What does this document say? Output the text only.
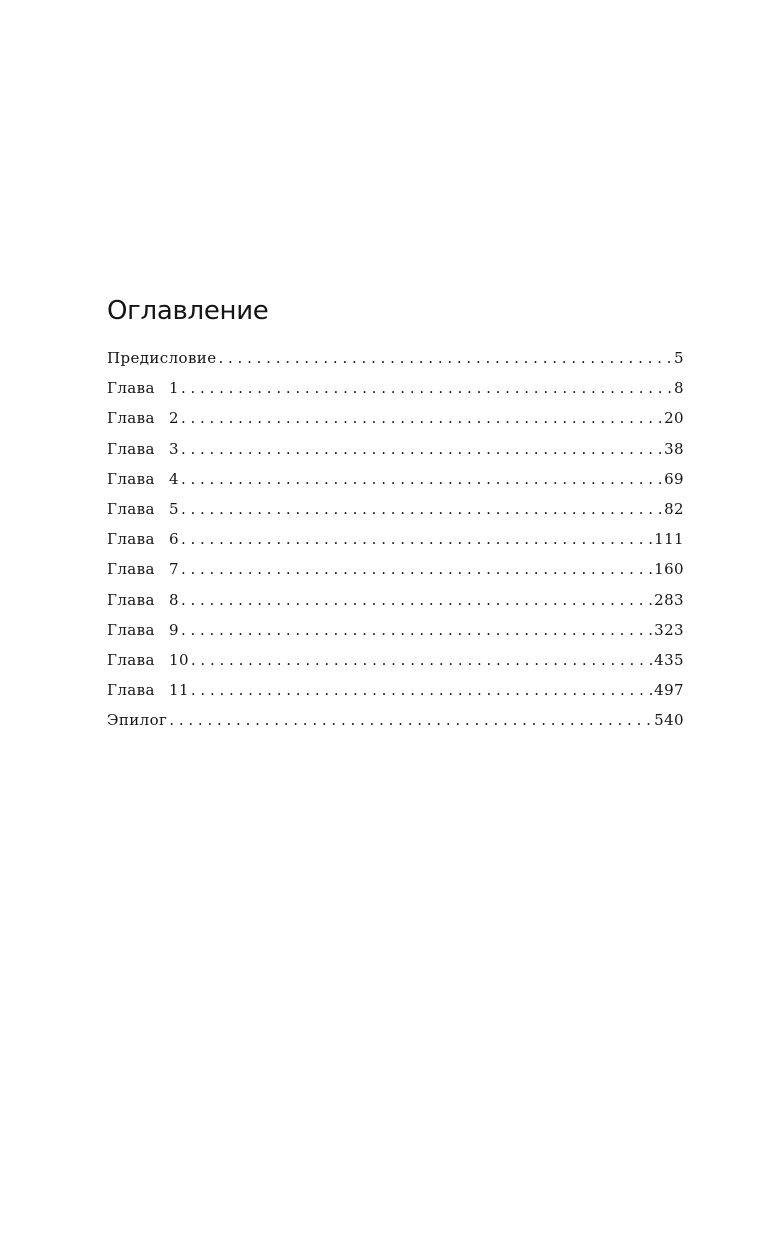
Оглавление
Предисловие . . .	5
Глава 1 . . .	8
Глава 2 . . .	20
Глава 3 . . .	38
Глава 4 . . .	69
Глава 5 . . .	82
Глава 6 . . .	111
Глава 7 . . .	160
Глава 8 . . .	283
Глава 9 . . .	323
Глава 10 . . .	435
Глава 11 . . .	497
Эпилог . . .	540
